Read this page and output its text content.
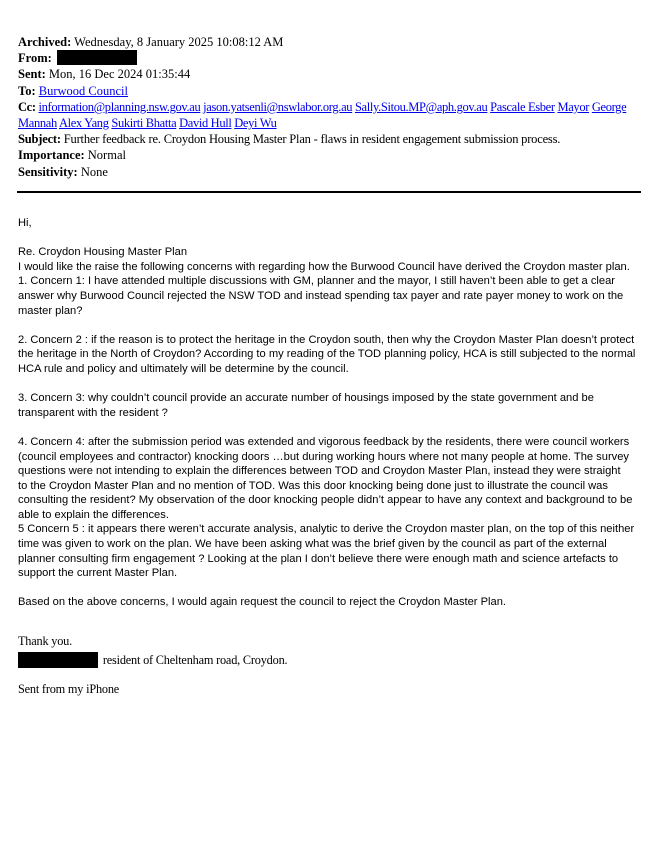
Archived: Wednesday, 8 January 2025 10:08:12 AM
From:
Sent: Mon, 16 Dec 2024 01:35:44
To: Burwood Council
Cc: information@planning.nsw.gov.au jason.yatsenli@nswlabor.org.au Sally.Sitou.MP@aph.gov.au Pascale Esber Mayor George Mannah Alex Yang Sukirti Bhatta David Hull Deyi Wu
Subject: Further feedback re. Croydon Housing Master Plan - flaws in resident engagement submission process.
Importance: Normal
Sensitivity: None

Hi,

Re. Croydon Housing Master Plan

I would like the raise the following concerns with regarding how the Burwood Council have derived the Croydon master plan.

1. Concern 1: I have attended multiple discussions with GM, planner and the mayor, I still haven’t been able to get a clear

answer why Burwood Council rejected the NSW TOD and instead spending tax payer and rate payer money to work on the

master plan?

2. Concern 2 : if the reason is to protect the heritage in the Croydon south, then why the Croydon Master Plan doesn’t protect

the heritage in the North of Croydon? According to my reading of the TOD planning policy, HCA is still subjected to the normal

HCA rule and policy and ultimately will be determine by the council.

3. Concern 3: why couldn’t council provide an accurate number of housings imposed by the state government and be

transparent with the resident ?

4. Concern 4: after the submission period was extended and vigorous feedback by the residents, there were council workers

(council employees and contractor) knocking doors …but during working hours where not many people at home. The survey

questions were not intending to explain the differences between TOD and Croydon Master Plan, instead they were straight

to the Croydon Master Plan and no mention of TOD. Was this door knocking being done just to illustrate the council was

consulting the resident? My observation of the door knocking people didn’t appear to have any context and background to be

able to explain the differences.

5 Concern 5 : it appears there weren’t accurate analysis, analytic to derive the Croydon master plan, on the top of this neither

time was given to work on the plan. We have been asking what was the brief given by the council as part of the external

planner consulting firm engagement ? Looking at the plan I don’t believe there were enough math and science artefacts to

support the current Master Plan.

Based on the above concerns, I would again request the council to reject the Croydon Master Plan.

Thank you.

resident of Cheltenham road, Croydon.

Sent from my iPhone
